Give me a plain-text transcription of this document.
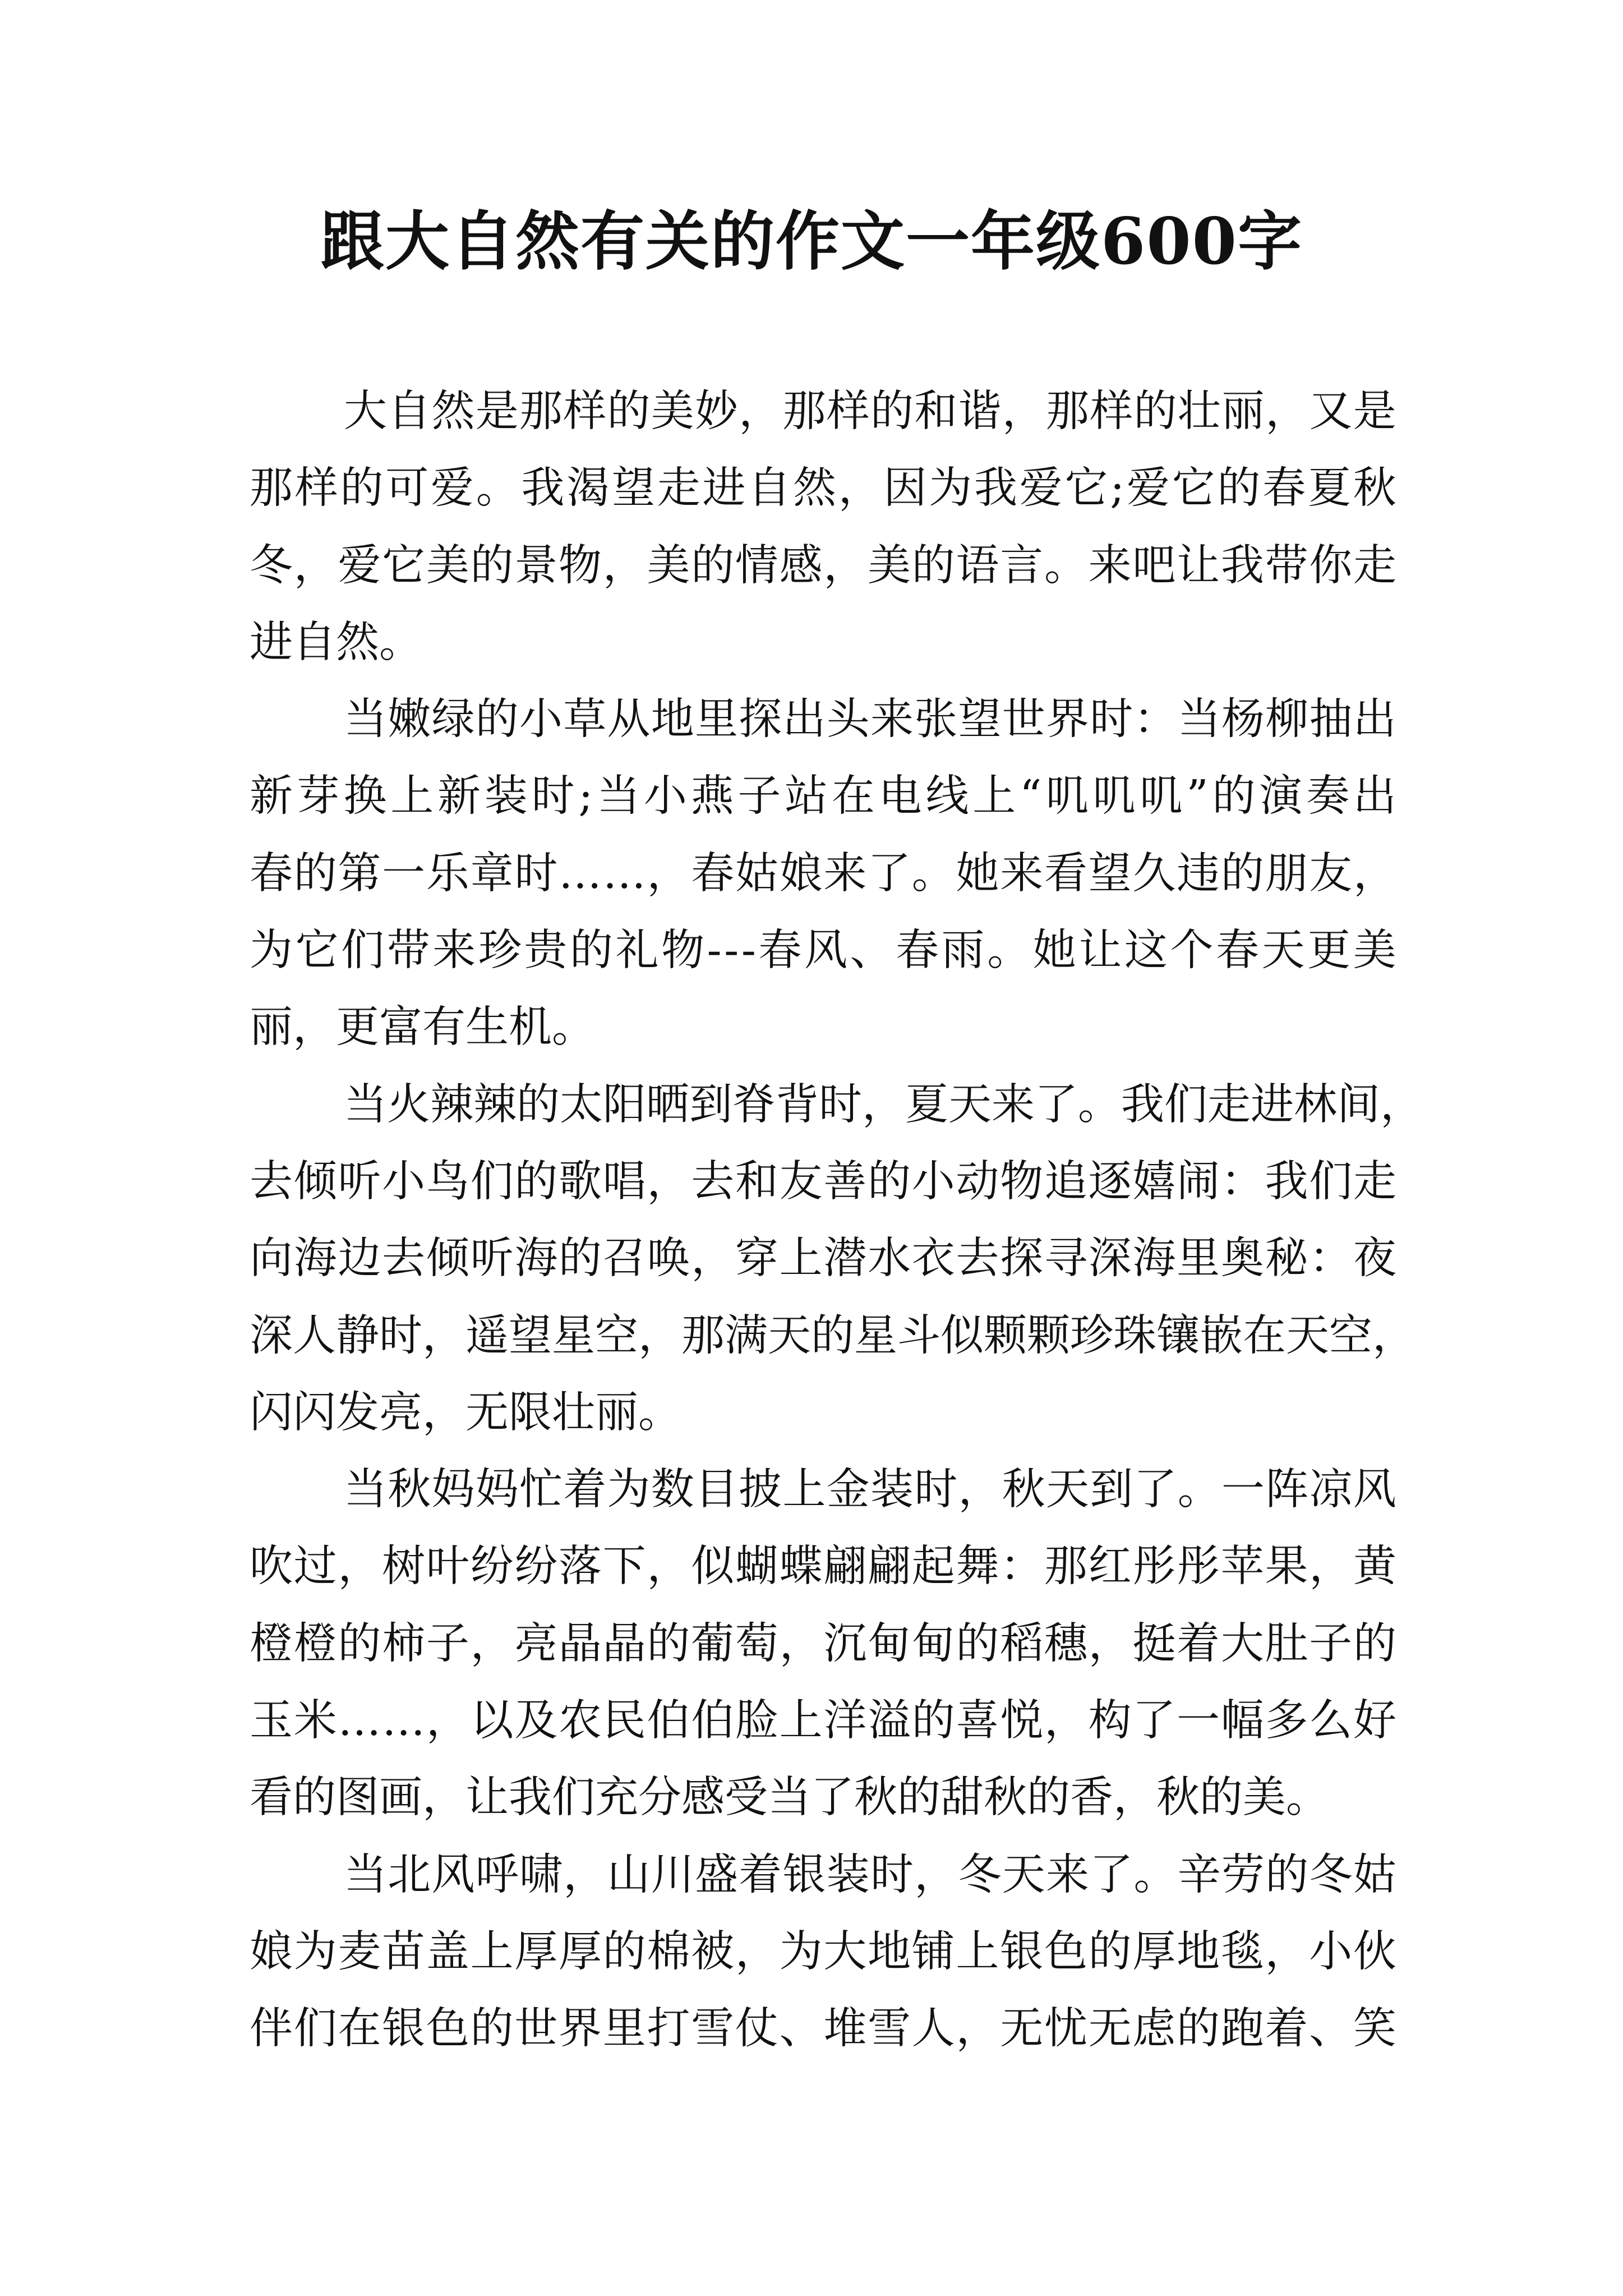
跟大自然有关的作文一年级600字
大 自 然 是 那 样 的 美 妙 ， 那 样 的 和 谐 ， 那 样 的 壮 丽 ， 又 是
那 样 的 可 爱 。 我 渴 望 走 进 自 然 ， 因 为 我 爱 它 ; 爱 它 的 春 夏 秋
冬 ， 爱 它 美 的 景 物 ， 美 的 情 感 ， 美 的 语 言 。 来 吧 让 我 带 你 走
进 自 然 。
当 嫩 绿 的 小 草 从 地 里 探 出 头 来 张 望 世 界 时 ： 当 杨 柳 抽 出
新 芽 换 上 新 装 时 ; 当 小 燕 子 站 在 电 线 上 “ 叽 叽 叽 ” 的 演 奏 出
春 的 第 一 乐 章 时 … … ， 春 姑 娘 来 了 。 她 来 看 望 久 违 的 朋 友 ，
为 它 们 带 来 珍 贵 的 礼 物 - - - 春 风 、 春 雨 。 她 让 这 个 春 天 更 美
丽 ， 更 富 有 生 机 。
当 火 辣 辣 的 太 阳 晒 到 脊 背 时 ， 夏 天 来 了 。 我 们 走 进 林 间 ，
去 倾 听 小 鸟 们 的 歌 唱 ， 去 和 友 善 的 小 动 物 追 逐 嬉 闹 ： 我 们 走
向 海 边 去 倾 听 海 的 召 唤 ， 穿 上 潜 水 衣 去 探 寻 深 海 里 奥 秘 ： 夜
深 人 静 时 ， 遥 望 星 空 ， 那 满 天 的 星 斗 似 颗 颗 珍 珠 镶 嵌 在 天 空 ，
闪 闪 发 亮 ， 无 限 壮 丽 。
当 秋 妈 妈 忙 着 为 数 目 披 上 金 装 时 ， 秋 天 到 了 。 一 阵 凉 风
吹 过 ， 树 叶 纷 纷 落 下 ， 似 蝴 蝶 翩 翩 起 舞 ： 那 红 彤 彤 苹 果 ， 黄
橙 橙 的 柿 子 ， 亮 晶 晶 的 葡 萄 ， 沉 甸 甸 的 稻 穗 ， 挺 着 大 肚 子 的
玉 米 … … ， 以 及 农 民 伯 伯 脸 上 洋 溢 的 喜 悦 ， 构 了 一 幅 多 么 好
看 的 图 画 ， 让 我 们 充 分 感 受 当 了 秋 的 甜 秋 的 香 ， 秋 的 美 。
当 北 风 呼 啸 ， 山 川 盛 着 银 装 时 ， 冬 天 来 了 。 辛 劳 的 冬 姑
娘 为 麦 苗 盖 上 厚 厚 的 棉 被 ， 为 大 地 铺 上 银 色 的 厚 地 毯 ， 小 伙
伴 们 在 银 色 的 世 界 里 打 雪 仗 、 堆 雪 人 ， 无 忧 无 虑 的 跑 着 、 笑
